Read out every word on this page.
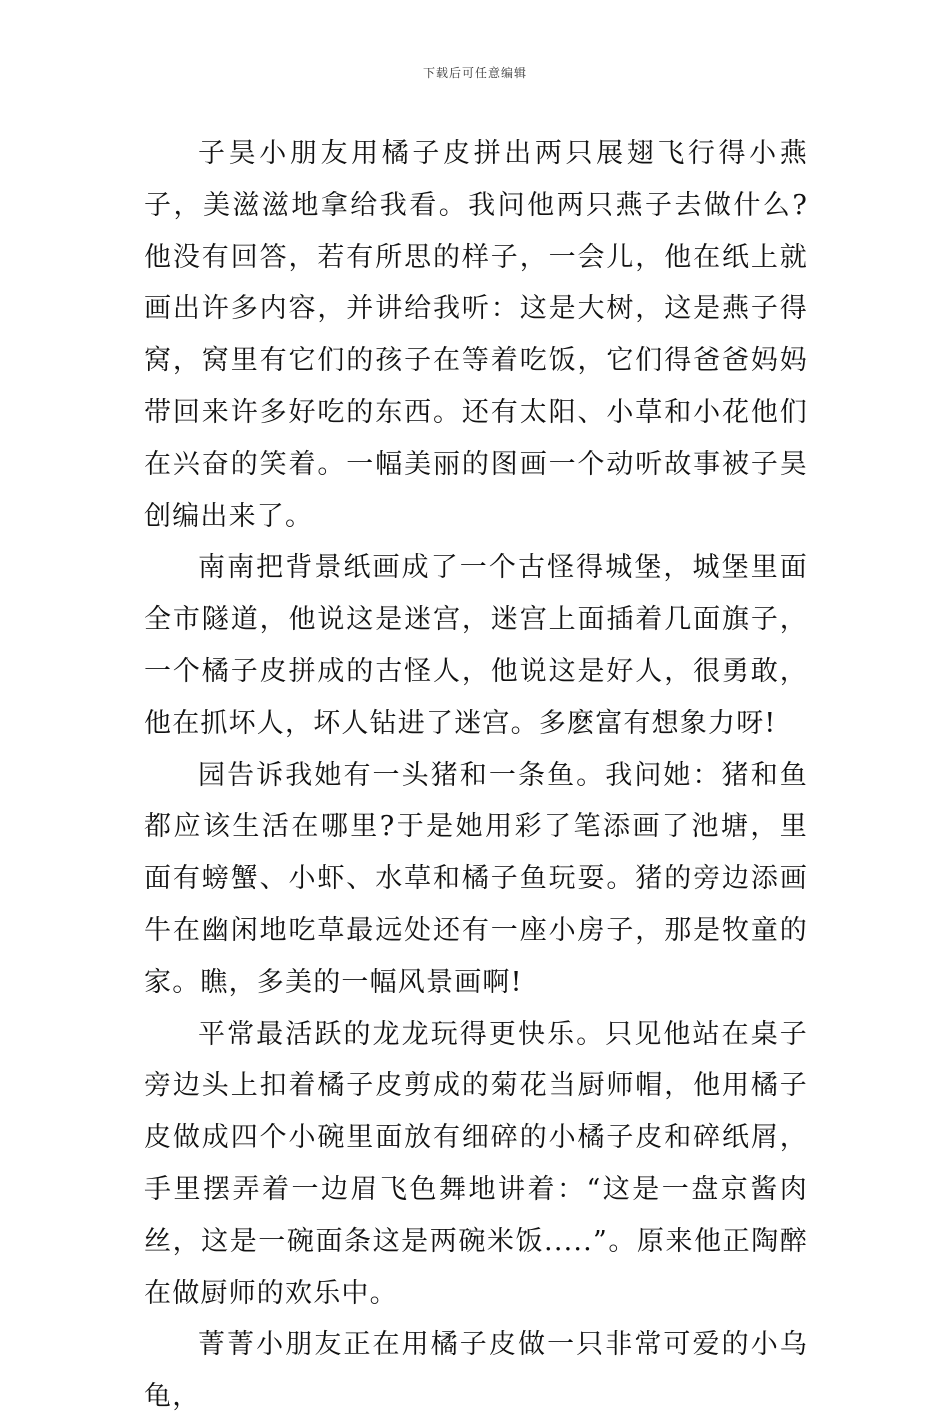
下载后可任意编辑

子昊小朋友用橘子皮拼出两只展翅飞行得小燕子，美滋滋地拿给我看。我问他两只燕子去做什么?他没有回答，若有所思的样子，一会儿，他在纸上就画出许多内容，并讲给我听：这是大树，这是燕子得窝，窝里有它们的孩子在等着吃饭，它们得爸爸妈妈带回来许多好吃的东西。还有太阳、小草和小花他们在兴奋的笑着。一幅美丽的图画一个动听故事被子昊创编出来了。

南南把背景纸画成了一个古怪得城堡，城堡里面全市隧道，他说这是迷宫，迷宫上面插着几面旗子，一个橘子皮拼成的古怪人，他说这是好人，很勇敢，他在抓坏人，坏人钻进了迷宫。多麽富有想象力呀!

园告诉我她有一头猪和一条鱼。我问她：猪和鱼都应该生活在哪里?于是她用彩了笔添画了池塘，里面有螃蟹、小虾、水草和橘子鱼玩耍。猪的旁边添画牛在幽闲地吃草最远处还有一座小房子，那是牧童的家。瞧，多美的一幅风景画啊!

平常最活跃的龙龙玩得更快乐。只见他站在桌子旁边头上扣着橘子皮剪成的菊花当厨师帽，他用橘子皮做成四个小碗里面放有细碎的小橘子皮和碎纸屑，手里摆弄着一边眉飞色舞地讲着：“这是一盘京酱肉丝，这是一碗面条这是两碗米饭.....”。原来他正陶醉在做厨师的欢乐中。

菁菁小朋友正在用橘子皮做一只非常可爱的小乌龟，
